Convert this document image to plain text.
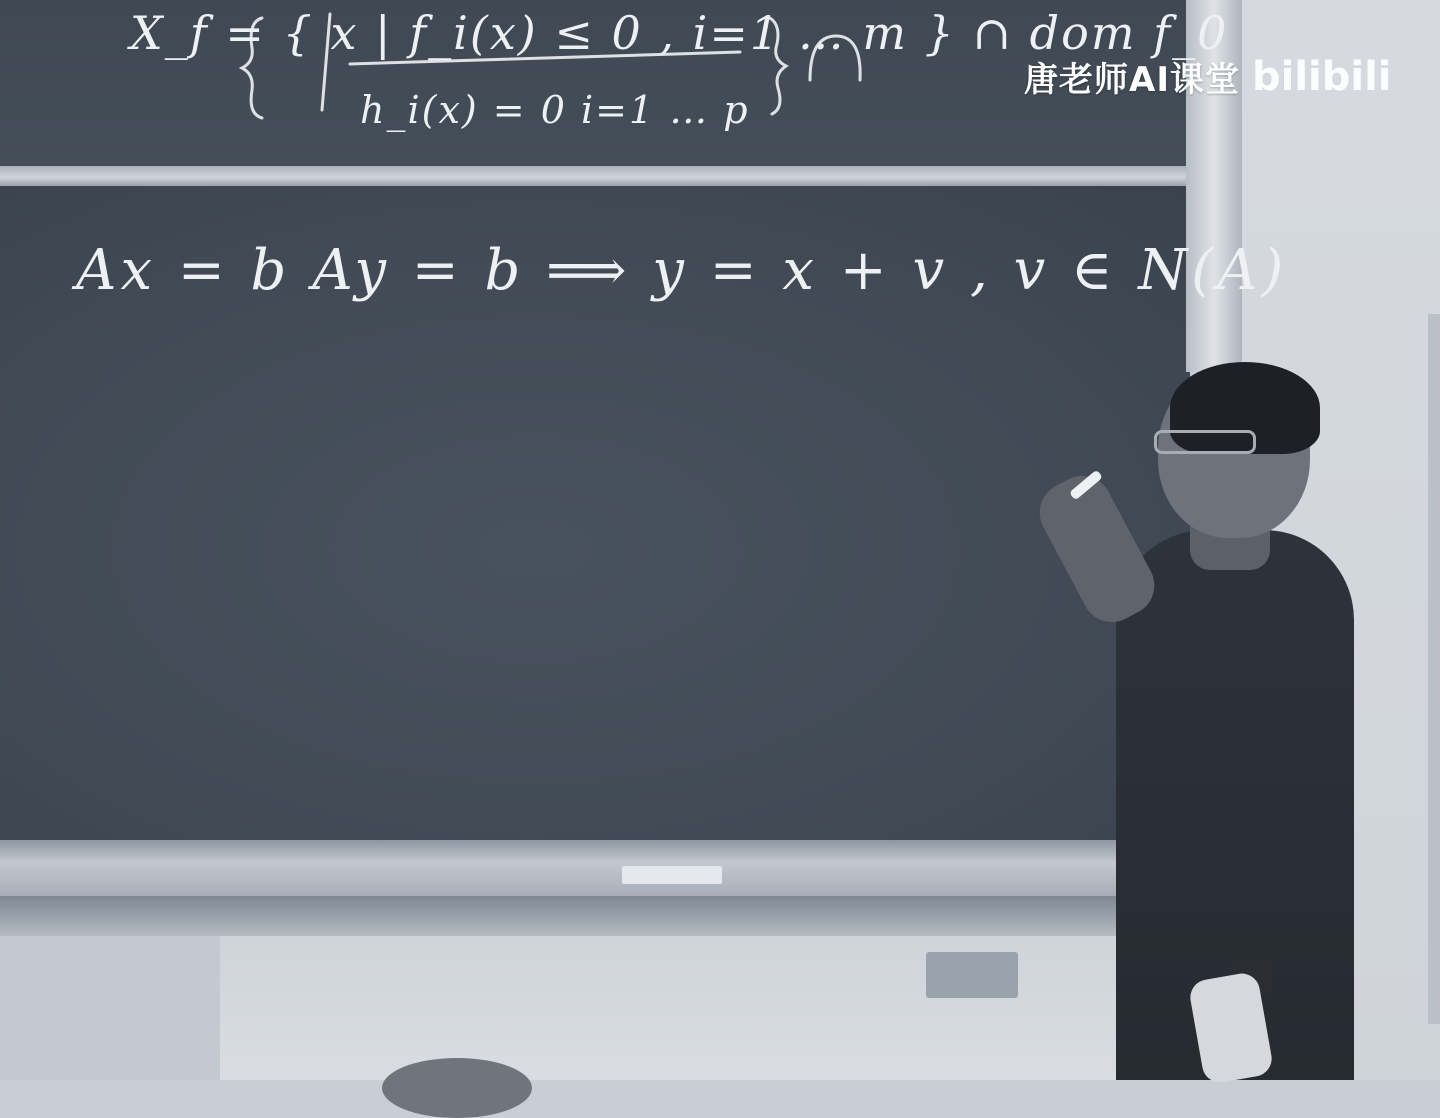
X_f = { x | f_i(x) ≤ 0 , i=1 … m } ∩ dom f_0
h_i(x) = 0 i=1 … p
Ax = b Ay = b ⟹ y = x + v , v ∈ N(A)
唐老师AI课堂 bilibili
